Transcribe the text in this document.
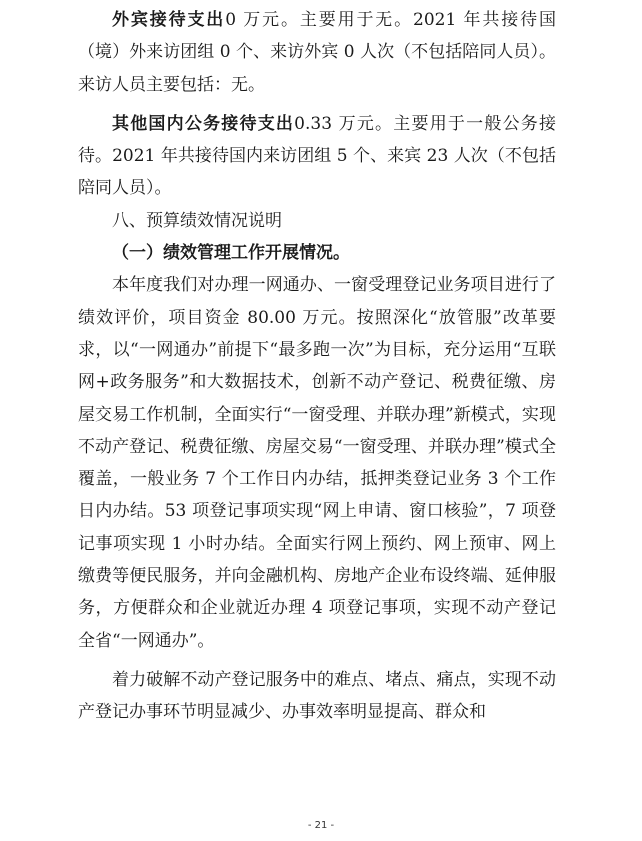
外宾接待支出0 万元。主要用于无。2021 年共接待国（境）外来访团组 0 个、来访外宾 0 人次（不包括陪同人员）。来访人员主要包括：无。

其他国内公务接待支出0.33 万元。主要用于一般公务接待。2021 年共接待国内来访团组 5 个、来宾 23 人次（不包括陪同人员）。

八、预算绩效情况说明

（一）绩效管理工作开展情况。

本年度我们对办理一网通办、一窗受理登记业务项目进行了绩效评价，项目资金 80.00 万元。按照深化“放管服”改革要求，以“一网通办”前提下“最多跑一次”为目标，充分运用“互联网+政务服务”和大数据技术，创新不动产登记、税费征缴、房屋交易工作机制，全面实行“一窗受理、并联办理”新模式，实现不动产登记、税费征缴、房屋交易“一窗受理、并联办理”模式全覆盖，一般业务 7 个工作日内办结，抵押类登记业务 3 个工作日内办结。53 项登记事项实现“网上申请、窗口核验”，7 项登记事项实现 1 小时办结。全面实行网上预约、网上预审、网上缴费等便民服务，并向金融机构、房地产企业布设终端、延伸服务，方便群众和企业就近办理 4 项登记事项，实现不动产登记全省“一网通办”。

着力破解不动产登记服务中的难点、堵点、痛点，实现不动产登记办事环节明显减少、办事效率明显提高、群众和

- 21 -
